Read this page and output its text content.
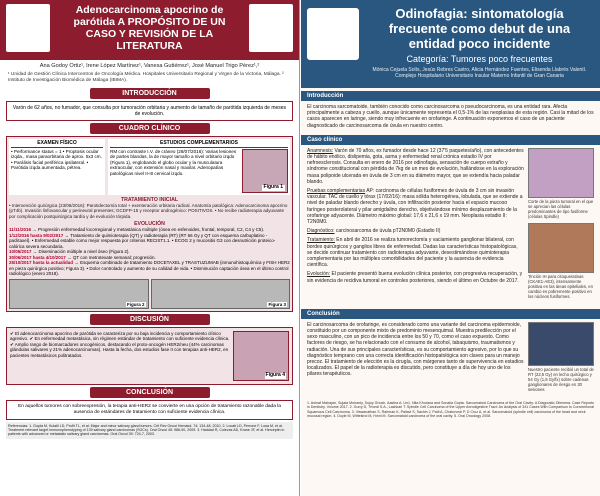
Adenocarcinoma apocrino de parótida A PROPÓSITO DE UN CASO Y REVISIÓN DE LA LITERATURA
Ana Godoy Ortiz¹, Irene López Martínez¹, Vanesa Gutiérrez¹, José Manuel Trigo Pérez¹,²
¹ Unidad de Gestión Clínica Intercentros de Oncología Médica. Hospitales Universitario Regional y Virgen de la Victoria, Málaga. ² Instituto de Investigación Biomédica de Málaga (IBIMA).
INTRODUCCIÓN
Varón de 62 años, no fumador, que consulta por tumoración orbitaria y aumento de tamaño de parótida izquierda de meses de evolución.
CUADRO CLÍNICO
EXAMEN FÍSICO
• Performance status = 1 • Proptosis ocular izqda., masa paraorbitaria de aprox. 5x3 cm. • Parálisis facial periférica ipsilateral. • Parótida izqda aumentada, pétrea.
ESTUDIOS COMPLEMENTARIOS
RM con contraste I.V. de cráneo (28/07/2016): Varias lesiones de partes blandas, la de mayor tamaño a nivel orbitario izqdo (Figura 1), englobando el globo ocular y la musculatura extraocular, con extensión nasal y maxilar. Adenopatías patológicas nivel II-III cervical izqdo.
Figura 1
TRATAMIENTO INICIAL
• Intervención quirúrgica (23/08/2016): Parotidectomía total + exenteración orbitaria radical. Anatomía patológica: Adenocarcinoma apocrino (pT4b). Invasión linfovascular y perineural presentes; GCDFP-15 y receptor androgénico: POSITIVOS. • No recibe radioterapia adyuvante por complicación postquirúrgica tardía y de evolución tórpida.
EVOLUCIÓN
11/11/2016 → Progresión enfermedad locorregional y metastásica múltiple (ósea en esfenoides, frontal, temporal, C2, C4 y C5).
1/12/2016 hasta 9/02/2017 → Tratamiento de quimioterapia (QT) y radioterapia (RT) (RT 66 Gy y QT con esquema carboplatino - paclitaxel). • Enfermedad estable como mejor respuesta por criterios RECIST1.1. • ECOG 2 y mucositis G3 con desnutrición proteico-calórica severa secundaria.
10/06/2017 → Diseminación múltiple a nivel óseo (Figura 2).
30/06/2017 hasta 4/10/2017 → QT con metrotexate semanal; progresión.
25/10/2017 hasta la actualidad → Esquema combinado de tratamiento DOCETAXEL y TRASTUZUMAB (inmunohistoquímica y FISH HER2 en pieza quirúrgica positivo; Figura 3). • Dolor controlado y aumento de su calidad de vida. • Disminución captación ósea en el último control radiológico (enero 2018).
Figura 2	Figura 3
DISCUSIÓN
✔ El adenocarcinoma apocrino de parótida se caracteriza por su baja incidencia y comportamiento clínico agresivo. ✔ En enfermedad metastásica, sin régimen estándar de tratamiento con suficiente evidencia clínica. ✔ Amplio rango de biomarcadores oncogénicos, destacando el proto-oncogén HER2/neu (44% carcinomas glándulas salivares y 21% adenocarcinomas). Hasta la fecha, dos estudios fase II con terapias anti-HER2, en pacientes metastásicos politratados.
Figura 4
CONCLUSIÓN
En aquellos tumores con sobreexpresión, la terapia anti-HER2 se convierte en una opción de tratamiento razonable dada la ausencia de estándares de tratamiento con suficiente evidencia clínica.
Referencias: 1. Gupta M, Kulatil LD, Profit TL, et al. Major and minor salivary gland tumors. Crit Rev Oncol Hematol. 74: 134-48, 2010. 2. Locati LD, Perrone F, Losa M, et al. Treatment relevant target immunophenotyping of 139 salivary gland carcinomas (SGCs). Oral Oncol 45: 986-90, 2009. 3. Haddad R, Colevas AD, Krane JF, et al. Herceptin in patients with advanced or metastatic salivary gland carcinomas. Oral Oncol 39: 724-7, 2003.
Odinofagia: sintomatología frecuente como debut de una entidad poco incidente
Categoría: Tumores poco frecuentes
Mónica Cejuela Solís, Jesús Rebres Castro, Alicia Hernández Fuentes, Elisenda Llabrés Valentí. Complejo Hospitalario Universitario Insular Materno Infantil de Gran Canaria
Introducción
El carcinoma sarcomatoide, también conocido como carcinosarcoma o pseudocarcinoma, es una entidad rara. Afecta principalmente a cabeza y cuello, aunque únicamente representa el 0,5-1% de las neoplasias de esta región. Casi la mitad de los casos aparecen en laringe, siendo muy infrecuente en orofaringe. A continuación exponemos el caso de un paciente diagnosticado de carcinosarcoma de úvula en nuestro centro.
Caso clínico

Anamnesis: Varón de 70 años, ex fumador desde hace 12 (37'5 paquetes/año), con antecedentes de hábito enólico, dislipemia, gota, asma y enfermedad renal crónica estadio IV por nefroesclerosis. Consulta en enero de 2016 por odinofagia, sensación de cuerpo extraño y síndrome constitucional con pérdida de 7kg de un mes de evolución, hallándose en la exploración masa polipoide ulcerada en úvula de 3 cm en su diámetro mayor, que se extendía hacia paladar blando.

Pruebas complementarias AP: carcinoma de células fusiformes de úvula de 3 cm sin invasión vascular. TAC de cuello y tórax (17/02/16): masa sólida heterogénea, lobulada, que se extiende a nivel de paladar blando derecho y úvula, con infiltración posterior hacia el espacio mucoso faríngeo posterolateral y pilar amigdalino derecho, objetivándose mínimo desplazamiento de la orofaringe adyacente. Diámetro máximo global: 17,6 x 21,6 x 19 mm. Neoplasia estadio II: T2N0M0.

Diagnóstico: carcinosarcoma de úvula pT2N0M0 (Estadio II)

Tratamiento: En abril de 2016 se realiza tumorectomía y vaciamiento ganglionar bilateral, con bordes quirúrgicos y ganglios libres de enfermedad. Dadas las características histopatológicas, se decide continuar tratamiento con radioterapia adyuvante, desestimándose quimioterapia complementaria por las múltiples comorbilidades del paciente y la ausencia de evidencia científica.

Evolución: El paciente presentó buena evolución clínica posterior, con progresiva recuperación, y sin evidencia de recidiva tumoral en controles posteriores, siendo el último en Octubre de 2017.

Corte de la pieza tumoral en el que se aprecian las células predominantes de tipo fusiforme (células Spindle)
Tinción IH para citoqueratinas (CKAE1-AE3), intensamente positiva en las áreas epiteliales, en cambio es pobremente positivo en los núcleos fusiformes.
Conclusión
El carcinosarcoma de orofaringe, es considerado como una variante del carcinoma epidermoide, constituido por un componente mixto de predominio mesenquimal. Muestra predilección por el sexo masculino, con un pico de incidencia entre los 50 y 70, como el caso expuesto. Como factores de riesgo, se ha relacionado con el consumo de alcohol, tabaquismo, traumatismos y radiación. Una de sus principales características, es su comportamiento agresivo, por lo que su diagnóstico temprano con una correcta identificación histopatológica son claves para un manejo precoz. El tratamiento de elección es la cirugía, con márgenes tanto de supervivencia en estadios localizados. El papel de la radioterapia es discutido, pero constituye a día de hoy uno de los pilares terapéuticos.
Nuestro paciente recibió un total de RT (22,5 Gy) en lecho quirúrgico y 54 Gy (1,8 Gy/fx) sobre cadenas ganglionares de riesgo en 30 sesiones
1. Ashraf Mahajan, Sujata Mohanty, Sujoy Ghosh, Aastha A. Un1, Nita Khurana and Sonalia Gupta. Sarcomatoid Carcinoma of the Oral Cavity: A Diagnostic Dilemma. Case Reports in Dentistry. Volume 2017. 2. Gurry D, Trivedi S.A., Lashkari T. Spindle Cell Carcinoma of the Upper Aerodigestive Tract: An Analysis of 341 Cases With Comparison to Conventional Squamous Cell Carcinoma. 3. Viswanathan S, Rahman K, Pallavi S, Sachin J, Patil A, Chaturvedi P, D Cruz A, et al. Sarcomatoid (spindle cell) carcinoma of the head and neck mucosal region. 4. Doyle M, Wittekind M, Hinni M. Sarcomatoid carcinoma of the oral cavity. 5. Oral Oncology 2008.
